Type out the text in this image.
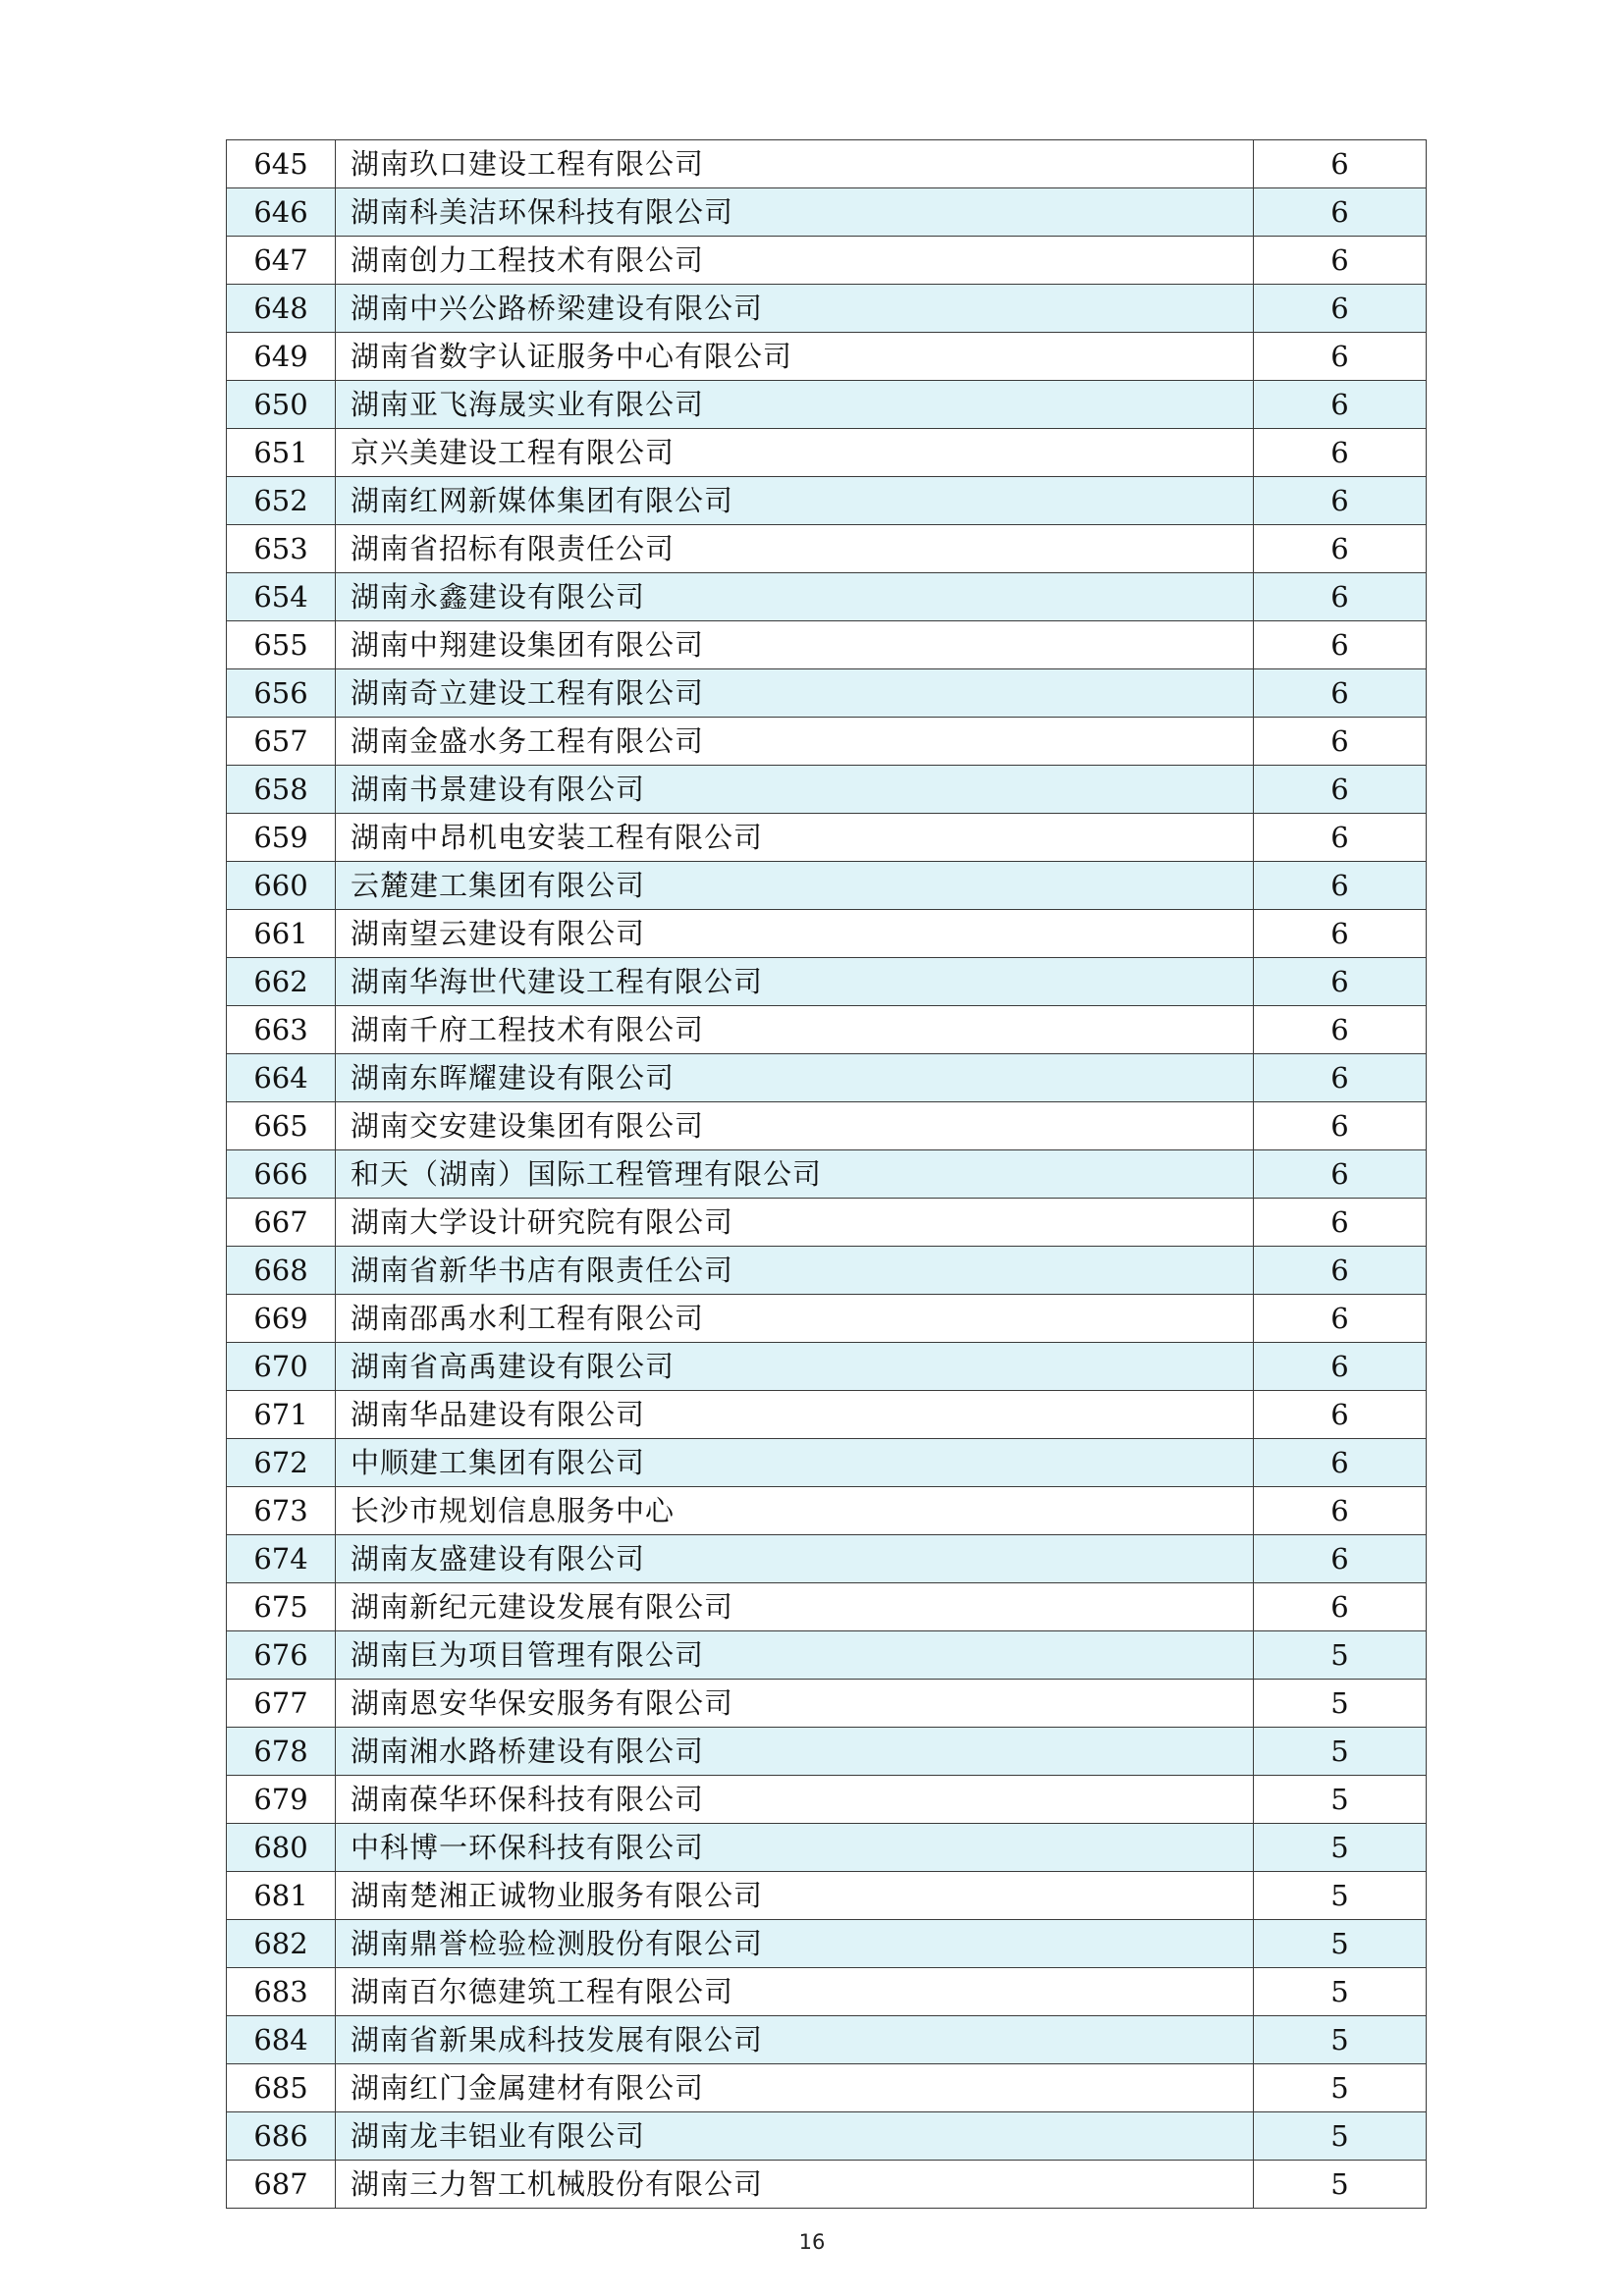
645	湖南玖口建设工程有限公司	6
646	湖南科美洁环保科技有限公司	6
647	湖南创力工程技术有限公司	6
648	湖南中兴公路桥梁建设有限公司	6
649	湖南省数字认证服务中心有限公司	6
650	湖南亚飞海晟实业有限公司	6
651	京兴美建设工程有限公司	6
652	湖南红网新媒体集团有限公司	6
653	湖南省招标有限责任公司	6
654	湖南永鑫建设有限公司	6
655	湖南中翔建设集团有限公司	6
656	湖南奇立建设工程有限公司	6
657	湖南金盛水务工程有限公司	6
658	湖南书景建设有限公司	6
659	湖南中昂机电安装工程有限公司	6
660	云麓建工集团有限公司	6
661	湖南望云建设有限公司	6
662	湖南华海世代建设工程有限公司	6
663	湖南千府工程技术有限公司	6
664	湖南东晖耀建设有限公司	6
665	湖南交安建设集团有限公司	6
666	和天（湖南）国际工程管理有限公司	6
667	湖南大学设计研究院有限公司	6
668	湖南省新华书店有限责任公司	6
669	湖南邵禹水利工程有限公司	6
670	湖南省高禹建设有限公司	6
671	湖南华品建设有限公司	6
672	中顺建工集团有限公司	6
673	长沙市规划信息服务中心	6
674	湖南友盛建设有限公司	6
675	湖南新纪元建设发展有限公司	6
676	湖南巨为项目管理有限公司	5
677	湖南恩安华保安服务有限公司	5
678	湖南湘水路桥建设有限公司	5
679	湖南葆华环保科技有限公司	5
680	中科博一环保科技有限公司	5
681	湖南楚湘正诚物业服务有限公司	5
682	湖南鼎誉检验检测股份有限公司	5
683	湖南百尔德建筑工程有限公司	5
684	湖南省新果成科技发展有限公司	5
685	湖南红门金属建材有限公司	5
686	湖南龙丰铝业有限公司	5
687	湖南三力智工机械股份有限公司	5
16
